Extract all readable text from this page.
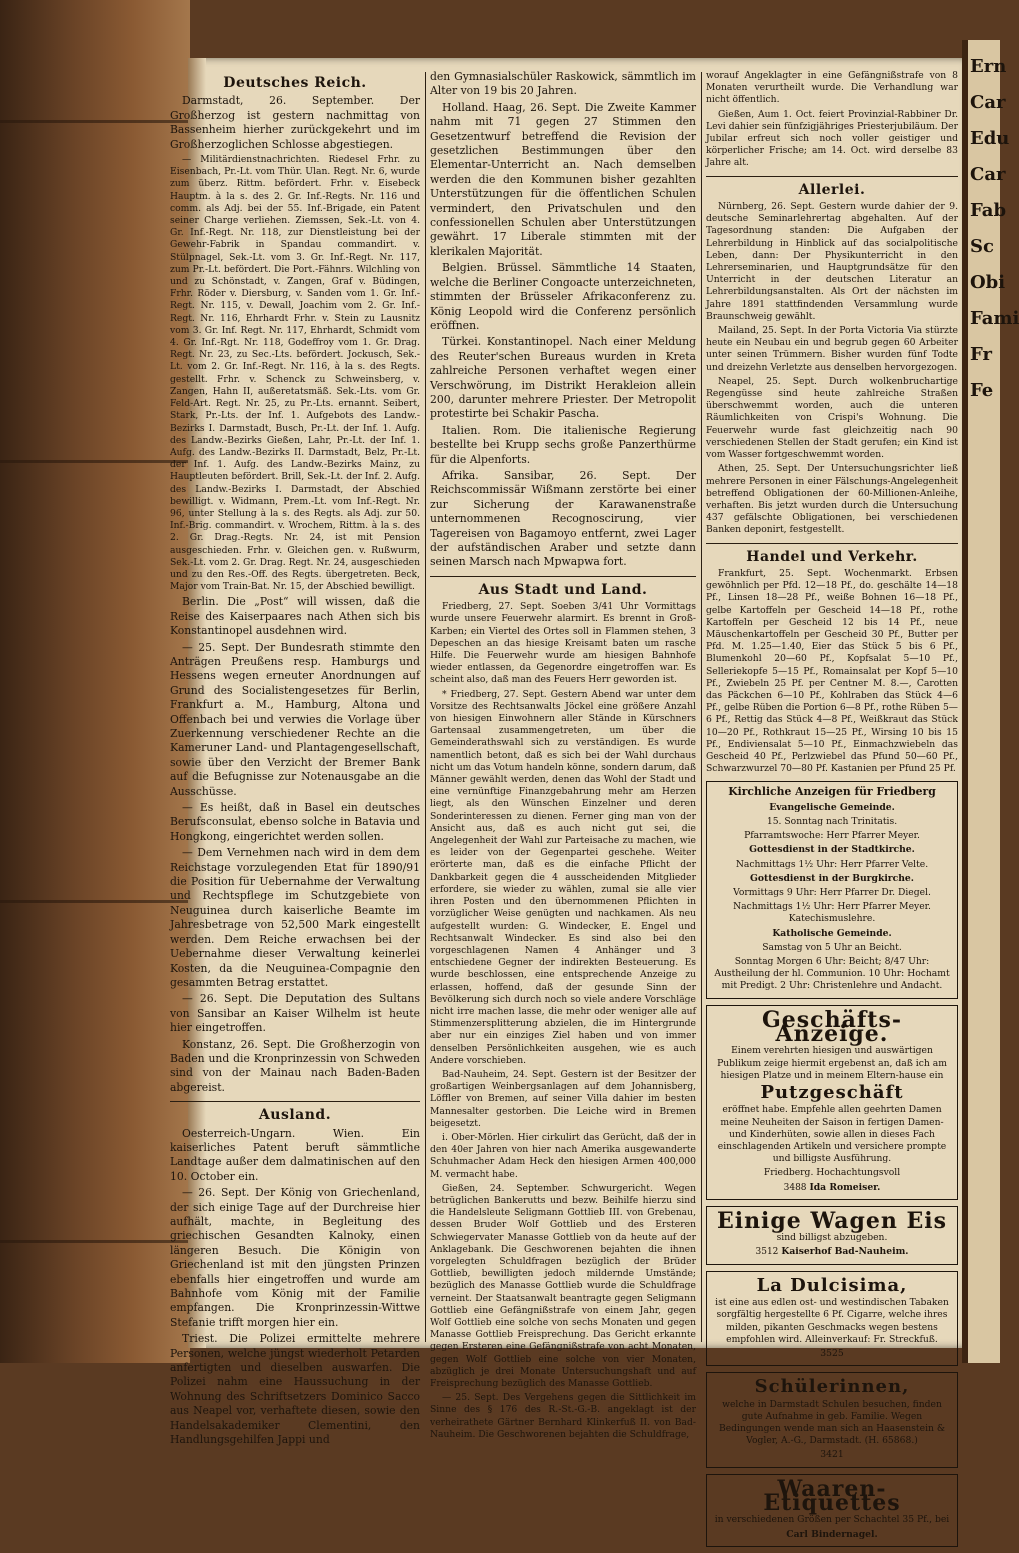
Ern
Car
Edu
Car
Fab
Sc
Obi
Fami
Fr
Fe
Deutsches Reich.

Darmstadt, 26. September. Der Großherzog ist gestern nachmittag von Bassenheim hierher zurückgekehrt und im Großherzoglichen Schlosse abgestiegen.

— Militärdienstnachrichten. Riedesel Frhr. zu Eisenbach, Pr.-Lt. vom Thür. Ulan. Regt. Nr. 6, wurde zum überz. Rittm. befördert. Frhr. v. Eisebeck Hauptm. à la s. des 2. Gr. Inf.-Regts. Nr. 116 und comm. als Adj. bei der 55. Inf.-Brigade, ein Patent seiner Charge verliehen. Ziemssen, Sek.-Lt. von 4. Gr. Inf.-Regt. Nr. 118, zur Dienstleistung bei der Gewehr-Fabrik in Spandau commandirt. v. Stülpnagel, Sek.-Lt. vom 3. Gr. Inf.-Regt. Nr. 117, zum Pr.-Lt. befördert. Die Port.-Fähnrs. Wilchling von und zu Schönstadt, v. Zangen, Graf v. Büdingen, Frhr. Röder v. Diersburg, v. Sanden vom 1. Gr. Inf.-Regt. Nr. 115, v. Dewall, Joachim vom 2. Gr. Inf.-Regt. Nr. 116, Ehrhardt Frhr. v. Stein zu Lausnitz vom 3. Gr. Inf. Regt. Nr. 117, Ehrhardt, Schmidt vom 4. Gr. Inf.-Rgt. Nr. 118, Godeffroy vom 1. Gr. Drag. Regt. Nr. 23, zu Sec.-Lts. befördert. Jockusch, Sek.-Lt. vom 2. Gr. Inf.-Regt. Nr. 116, à la s. des Regts. gestellt. Frhr. v. Schenck zu Schweinsberg, v. Zangen, Hahn II, außeretatsmäß. Sek.-Lts. vom Gr. Feld-Art. Regt. Nr. 25, zu Pr.-Lts. ernannt. Seibert, Stark, Pr.-Lts. der Inf. 1. Aufgebots des Landw.-Bezirks I. Darmstadt, Busch, Pr.-Lt. der Inf. 1. Aufg. des Landw.-Bezirks Gießen, Lahr, Pr.-Lt. der Inf. 1. Aufg. des Landw.-Bezirks II. Darmstadt, Belz, Pr.-Lt. der Inf. 1. Aufg. des Landw.-Bezirks Mainz, zu Hauptleuten befördert. Brill, Sek.-Lt. der Inf. 2. Aufg. des Landw.-Bezirks I. Darmstadt, der Abschied bewilligt. v. Widmann, Prem.-Lt. vom Inf.-Regt. Nr. 96, unter Stellung à la s. des Regts. als Adj. zur 50. Inf.-Brig. commandirt. v. Wrochem, Rittm. à la s. des 2. Gr. Drag.-Regts. Nr. 24, ist mit Pension ausgeschieden. Frhr. v. Gleichen gen. v. Rußwurm, Sek.-Lt. vom 2. Gr. Drag. Regt. Nr. 24, ausgeschieden und zu den Res.-Off. des Regts. übergetreten. Beck, Major vom Train-Bat. Nr. 15, der Abschied bewilligt.

Berlin. Die „Post“ will wissen, daß die Reise des Kaiserpaares nach Athen sich bis Konstantinopel ausdehnen wird.

— 25. Sept. Der Bundesrath stimmte den Anträgen Preußens resp. Hamburgs und Hessens wegen erneuter Anordnungen auf Grund des Socialistengesetzes für Berlin, Frankfurt a. M., Hamburg, Altona und Offenbach bei und verwies die Vorlage über Zuerkennung verschiedener Rechte an die Kameruner Land- und Plantagengesellschaft, sowie über den Verzicht der Bremer Bank auf die Befugnisse zur Notenausgabe an die Ausschüsse.

— Es heißt, daß in Basel ein deutsches Berufsconsulat, ebenso solche in Batavia und Hongkong, eingerichtet werden sollen.

— Dem Vernehmen nach wird in dem dem Reichstage vorzulegenden Etat für 1890/91 die Position für Uebernahme der Verwaltung und Rechtspflege im Schutzgebiete von Neuguinea durch kaiserliche Beamte im Jahresbetrage von 52,500 Mark eingestellt werden. Dem Reiche erwachsen bei der Uebernahme dieser Verwaltung keinerlei Kosten, da die Neuguinea-Compagnie den gesammten Betrag erstattet.

— 26. Sept. Die Deputation des Sultans von Sansibar an Kaiser Wilhelm ist heute hier eingetroffen.

Konstanz, 26. Sept. Die Großherzogin von Baden und die Kronprinzessin von Schweden sind von der Mainau nach Baden-Baden abgereist.

Ausland.

Oesterreich-Ungarn. Wien. Ein kaiserliches Patent beruft sämmtliche Landtage außer dem dalmatinischen auf den 10. October ein.

— 26. Sept. Der König von Griechenland, der sich einige Tage auf der Durchreise hier aufhält, machte, in Begleitung des griechischen Gesandten Kalnoky, einen längeren Besuch. Die Königin von Griechenland ist mit den jüngsten Prinzen ebenfalls hier eingetroffen und wurde am Bahnhofe vom König mit der Familie empfangen. Die Kronprinzessin-Wittwe Stefanie trifft morgen hier ein.

Triest. Die Polizei ermittelte mehrere Personen, welche jüngst wiederholt Petarden anfertigten und dieselben auswarfen. Die Polizei nahm eine Haussuchung in der Wohnung des Schriftsetzers Dominico Sacco aus Neapel vor, verhaftete diesen, sowie den Handelsakademiker Clementini, den Handlungsgehilfen Jappi und

den Gymnasialschüler Raskowick, sämmtlich im Alter von 19 bis 20 Jahren.

Holland. Haag, 26. Sept. Die Zweite Kammer nahm mit 71 gegen 27 Stimmen den Gesetzentwurf betreffend die Revision der gesetzlichen Bestimmungen über den Elementar-Unterricht an. Nach demselben werden die den Kommunen bisher gezahlten Unterstützungen für die öffentlichen Schulen vermindert, den Privatschulen und den confessionellen Schulen aber Unterstützungen gewährt. 17 Liberale stimmten mit der klerikalen Majorität.

Belgien. Brüssel. Sämmtliche 14 Staaten, welche die Berliner Congoacte unterzeichneten, stimmten der Brüsseler Afrikaconferenz zu. König Leopold wird die Conferenz persönlich eröffnen.

Türkei. Konstantinopel. Nach einer Meldung des Reuter'schen Bureaus wurden in Kreta zahlreiche Personen verhaftet wegen einer Verschwörung, im Distrikt Herakleion allein 200, darunter mehrere Priester. Der Metropolit protestirte bei Schakir Pascha.

Italien. Rom. Die italienische Regierung bestellte bei Krupp sechs große Panzerthürme für die Alpenforts.

Afrika. Sansibar, 26. Sept. Der Reichscommissär Wißmann zerstörte bei einer zur Sicherung der Karawanenstraße unternommenen Recognoscirung, vier Tagereisen von Bagamoyo entfernt, zwei Lager der aufständischen Araber und setzte dann seinen Marsch nach Mpwapwa fort.

Aus Stadt und Land.

Friedberg, 27. Sept. Soeben 3/41 Uhr Vormittags wurde unsere Feuerwehr alarmirt. Es brennt in Groß-Karben; ein Viertel des Ortes soll in Flammen stehen, 3 Depeschen an das hiesige Kreisamt baten um rasche Hilfe. Die Feuerwehr wurde am hiesigen Bahnhofe wieder entlassen, da Gegenordre eingetroffen war. Es scheint also, daß man des Feuers Herr geworden ist.

* Friedberg, 27. Sept. Gestern Abend war unter dem Vorsitze des Rechtsanwalts Jöckel eine größere Anzahl von hiesigen Einwohnern aller Stände in Kürschners Gartensaal zusammengetreten, um über die Gemeinderathswahl sich zu verständigen. Es wurde namentlich betont, daß es sich bei der Wahl durchaus nicht um das Votum handeln könne, sondern darum, daß Männer gewählt werden, denen das Wohl der Stadt und eine vernünftige Finanzgebahrung mehr am Herzen liegt, als den Wünschen Einzelner und deren Sonderinteressen zu dienen. Ferner ging man von der Ansicht aus, daß es auch nicht gut sei, die Angelegenheit der Wahl zur Parteisache zu machen, wie es leider von der Gegenpartei geschehe. Weiter erörterte man, daß es die einfache Pflicht der Dankbarkeit gegen die 4 ausscheidenden Mitglieder erfordere, sie wieder zu wählen, zumal sie alle vier ihren Posten und den übernommenen Pflichten in vorzüglicher Weise genügten und nachkamen. Als neu aufgestellt wurden: G. Windecker, E. Engel und Rechtsanwalt Windecker. Es sind also bei den vorgeschlagenen Namen 4 Anhänger und 3 entschiedene Gegner der indirekten Besteuerung. Es wurde beschlossen, eine entsprechende Anzeige zu erlassen, hoffend, daß der gesunde Sinn der Bevölkerung sich durch noch so viele andere Vorschläge nicht irre machen lasse, die mehr oder weniger alle auf Stimmenzersplitterung abzielen, die im Hintergrunde aber nur ein einziges Ziel haben und von immer denselben Persönlichkeiten ausgehen, wie es auch Andere vorschieben.

Bad-Nauheim, 24. Sept. Gestern ist der Besitzer der großartigen Weinbergsanlagen auf dem Johannisberg, Löffler von Bremen, auf seiner Villa dahier im besten Mannesalter gestorben. Die Leiche wird in Bremen beigesetzt.

i. Ober-Mörlen. Hier cirkulirt das Gerücht, daß der in den 40er Jahren von hier nach Amerika ausgewanderte Schuhmacher Adam Heck den hiesigen Armen 400,000 M. vermacht habe.

Gießen, 24. September. Schwurgericht. Wegen betrüglichen Bankerutts und bezw. Beihilfe hierzu sind die Handelsleute Seligmann Gottlieb III. von Grebenau, dessen Bruder Wolf Gottlieb und des Ersteren Schwiegervater Manasse Gottlieb von da heute auf der Anklagebank. Die Geschworenen bejahten die ihnen vorgelegten Schuldfragen bezüglich der Brüder Gottlieb, bewilligten jedoch mildernde Umstände; bezüglich des Manasse Gottlieb wurde die Schuldfrage verneint. Der Staatsanwalt beantragte gegen Seligmann Gottlieb eine Gefängnißstrafe von einem Jahr, gegen Wolf Gottlieb eine solche von sechs Monaten und gegen Manasse Gottlieb Freisprechung. Das Gericht erkannte gegen Ersteren eine Gefängnißstrafe von acht Monaten, gegen Wolf Gottlieb eine solche von vier Monaten, abzüglich je drei Monate Untersuchungshaft und auf Freisprechung bezüglich des Manasse Gottlieb.

— 25. Sept. Des Vergehens gegen die Sittlichkeit im Sinne des § 176 des R.-St.-G.-B. angeklagt ist der verheirathete Gärtner Bernhard Klinkerfuß II. von Bad-Nauheim. Die Geschworenen bejahten die Schuldfrage,

worauf Angeklagter in eine Gefängnißstrafe von 8 Monaten verurtheilt wurde. Die Verhandlung war nicht öffentlich.

Gießen, Aum 1. Oct. feiert Provinzial-Rabbiner Dr. Levi dahier sein fünfzigjähriges Priesterjubiläum. Der Jubilar erfreut sich noch voller geistiger und körperlicher Frische; am 14. Oct. wird derselbe 83 Jahre alt.

Allerlei.

Nürnberg, 26. Sept. Gestern wurde dahier der 9. deutsche Seminarlehrertag abgehalten. Auf der Tagesordnung standen: Die Aufgaben der Lehrerbildung in Hinblick auf das socialpolitische Leben, dann: Der Physikunterricht in den Lehrerseminarien, und Hauptgrundsätze für den Unterricht in der deutschen Literatur an Lehrerbildungsanstalten. Als Ort der nächsten im Jahre 1891 stattfindenden Versammlung wurde Braunschweig gewählt.

Mailand, 25. Sept. In der Porta Victoria Via stürzte heute ein Neubau ein und begrub gegen 60 Arbeiter unter seinen Trümmern. Bisher wurden fünf Todte und dreizehn Verletzte aus denselben hervorgezogen.

Neapel, 25. Sept. Durch wolkenbruchartige Regengüsse sind heute zahlreiche Straßen überschwemmt worden, auch die unteren Räumlichkeiten von Crispi's Wohnung. Die Feuerwehr wurde fast gleichzeitig nach 90 verschiedenen Stellen der Stadt gerufen; ein Kind ist vom Wasser fortgeschwemmt worden.

Athen, 25. Sept. Der Untersuchungsrichter ließ mehrere Personen in einer Fälschungs-Angelegenheit betreffend Obligationen der 60-Millionen-Anleihe, verhaften. Bis jetzt wurden durch die Untersuchung 437 gefälschte Obligationen, bei verschiedenen Banken deponirt, festgestellt.

Handel und Verkehr.

Frankfurt, 25. Sept. Wochenmarkt. Erbsen gewöhnlich per Pfd. 12—18 Pf., do. geschälte 14—18 Pf., Linsen 18—28 Pf., weiße Bohnen 16—18 Pf., gelbe Kartoffeln per Gescheid 14—18 Pf., rothe Kartoffeln per Gescheid 12 bis 14 Pf., neue Mäuschenkartoffeln per Gescheid 30 Pf., Butter per Pfd. M. 1.25—1.40, Eier das Stück 5 bis 6 Pf., Blumenkohl 20—60 Pf., Kopfsalat 5—10 Pf., Selleriekopfe 5—15 Pf., Romainsalat per Kopf 5—10 Pf., Zwiebeln 25 Pf. per Centner M. 8.—, Carotten das Päckchen 6—10 Pf., Kohlraben das Stück 4—6 Pf., gelbe Rüben die Portion 6—8 Pf., rothe Rüben 5—6 Pf., Rettig das Stück 4—8 Pf., Weißkraut das Stück 10—20 Pf., Rothkraut 15—25 Pf., Wirsing 10 bis 15 Pf., Endiviensalat 5—10 Pf., Einmachzwiebeln das Gescheid 40 Pf., Perlzwiebel das Pfund 50—60 Pf., Schwarzwurzel 70—80 Pf. Kastanien per Pfund 25 Pf.

Kirchliche Anzeigen für Friedberg

Evangelische Gemeinde.

15. Sonntag nach Trinitatis.

Pfarramtswoche: Herr Pfarrer Meyer.

Gottesdienst in der Stadtkirche.

Nachmittags 1½ Uhr: Herr Pfarrer Velte.

Gottesdienst in der Burgkirche.

Vormittags 9 Uhr: Herr Pfarrer Dr. Diegel.

Nachmittags 1½ Uhr: Herr Pfarrer Meyer. Katechismuslehre.

Katholische Gemeinde.

Samstag von 5 Uhr an Beicht.

Sonntag Morgen 6 Uhr: Beicht; 8/47 Uhr: Austheilung der hl. Communion. 10 Uhr: Hochamt mit Predigt. 2 Uhr: Christenlehre und Andacht.

Geschäfts-Anzeige.

Einem verehrten hiesigen und auswärtigen Publikum zeige hiermit ergebenst an, daß ich am hiesigen Platze und in meinem Eltern-hause ein

Putzgeschäft

eröffnet habe. Empfehle allen geehrten Damen meine Neuheiten der Saison in fertigen Damen- und Kinderhüten, sowie allen in dieses Fach einschlagenden Artikeln und versichere prompte und billigste Ausführung.

Friedberg. Hochachtungsvoll

3488 Ida Romeiser.

Einige Wagen Eis

sind billigst abzugeben.

3512 Kaiserhof Bad-Nauheim.

La Dulcisima,

ist eine aus edlen ost- und westindischen Tabaken sorgfältig hergestellte 6 Pf. Cigarre, welche ihres milden, pikanten Geschmacks wegen bestens empfohlen wird. Alleinverkauf: Fr. Streckfuß.

3525

Schülerinnen,

welche in Darmstadt Schulen besuchen, finden gute Aufnahme in geb. Familie. Wegen Bedingungen wende man sich an Haasenstein & Vogler, A.-G., Darmstadt. (H. 65868.)

3421

Waaren-Etiquettes

in verschiedenen Größen per Schachtel 35 Pf., bei

Carl Bindernagel.
